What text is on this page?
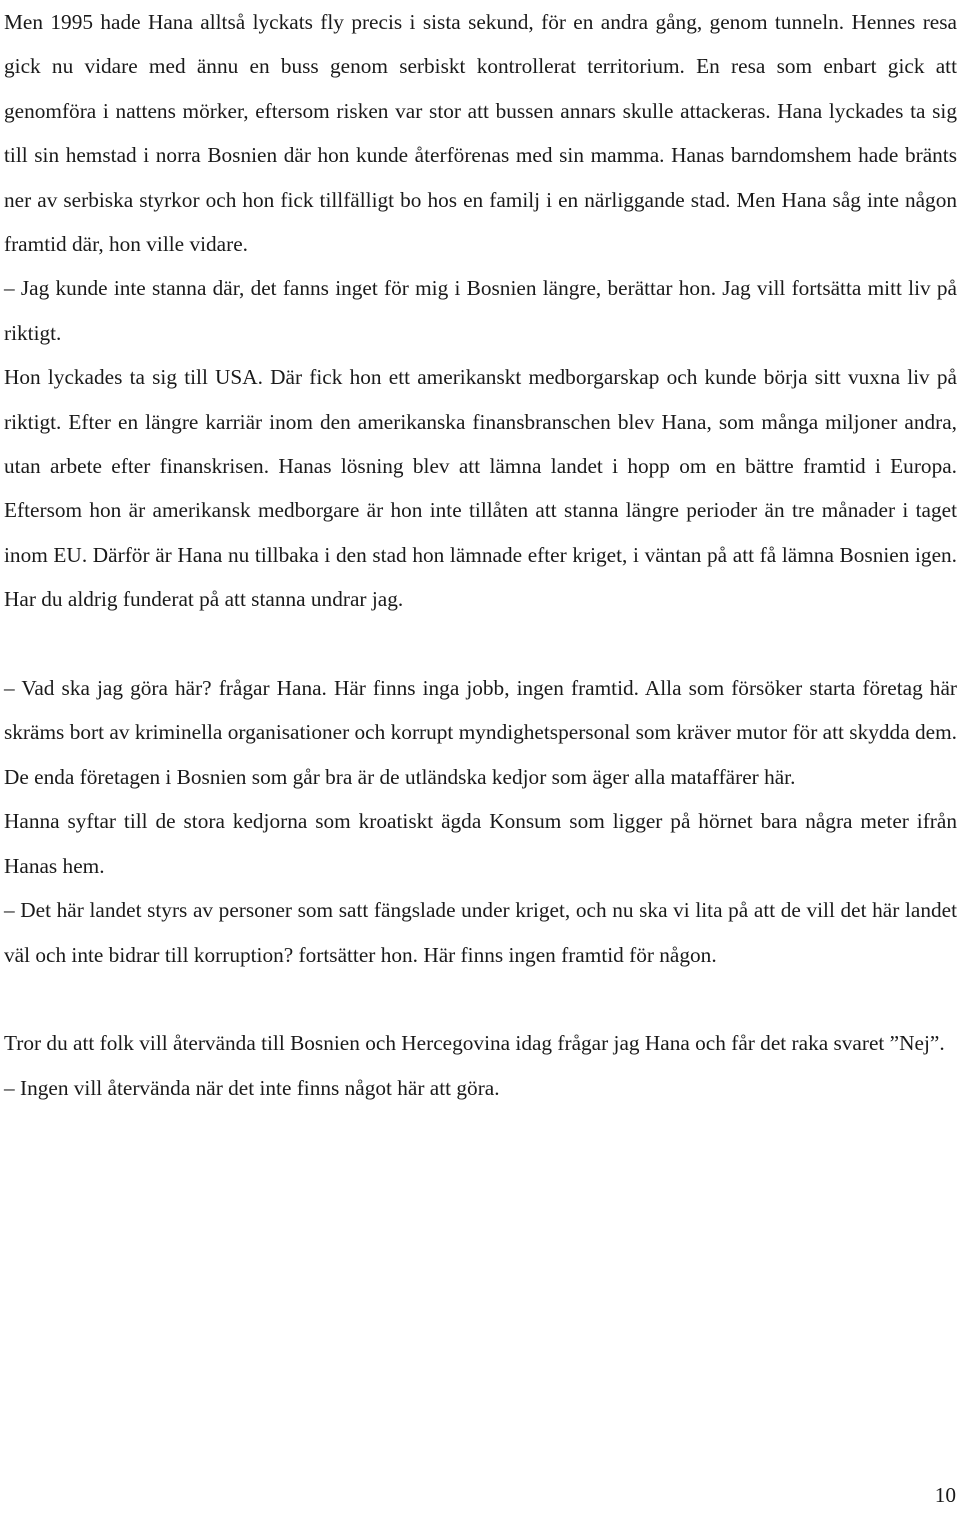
Men 1995 hade Hana alltså lyckats fly precis i sista sekund, för en andra gång, genom tunneln. Hennes resa gick nu vidare med ännu en buss genom serbiskt kontrollerat territorium. En resa som enbart gick att genomföra i nattens mörker, eftersom risken var stor att bussen annars skulle attackeras. Hana lyckades ta sig till sin hemstad i norra Bosnien där hon kunde återförenas med sin mamma. Hanas barndomshem hade bränts ner av serbiska styrkor och hon fick tillfälligt bo hos en familj i en närliggande stad. Men Hana såg inte någon framtid där, hon ville vidare.

– Jag kunde inte stanna där, det fanns inget för mig i Bosnien längre, berättar hon. Jag vill fortsätta mitt liv på riktigt.

Hon lyckades ta sig till USA. Där fick hon ett amerikanskt medborgarskap och kunde börja sitt vuxna liv på riktigt. Efter en längre karriär inom den amerikanska finansbranschen blev Hana, som många miljoner andra, utan arbete efter finanskrisen. Hanas lösning blev att lämna landet i hopp om en bättre framtid i Europa. Eftersom hon är amerikansk medborgare är hon inte tillåten att stanna längre perioder än tre månader i taget inom EU. Därför är Hana nu tillbaka i den stad hon lämnade efter kriget, i väntan på att få lämna Bosnien igen. Har du aldrig funderat på att stanna undrar jag.

– Vad ska jag göra här? frågar Hana. Här finns inga jobb, ingen framtid. Alla som försöker starta företag här skräms bort av kriminella organisationer och korrupt myndighetspersonal som kräver mutor för att skydda dem. De enda företagen i Bosnien som går bra är de utländska kedjor som äger alla mataffärer här.

Hanna syftar till de stora kedjorna som kroatiskt ägda Konsum som ligger på hörnet bara några meter ifrån Hanas hem.

– Det här landet styrs av personer som satt fängslade under kriget, och nu ska vi lita på att de vill det här landet väl och inte bidrar till korruption? fortsätter hon. Här finns ingen framtid för någon.

Tror du att folk vill återvända till Bosnien och Hercegovina idag frågar jag Hana och får det raka svaret ”Nej”.

– Ingen vill återvända när det inte finns något här att göra.

10
